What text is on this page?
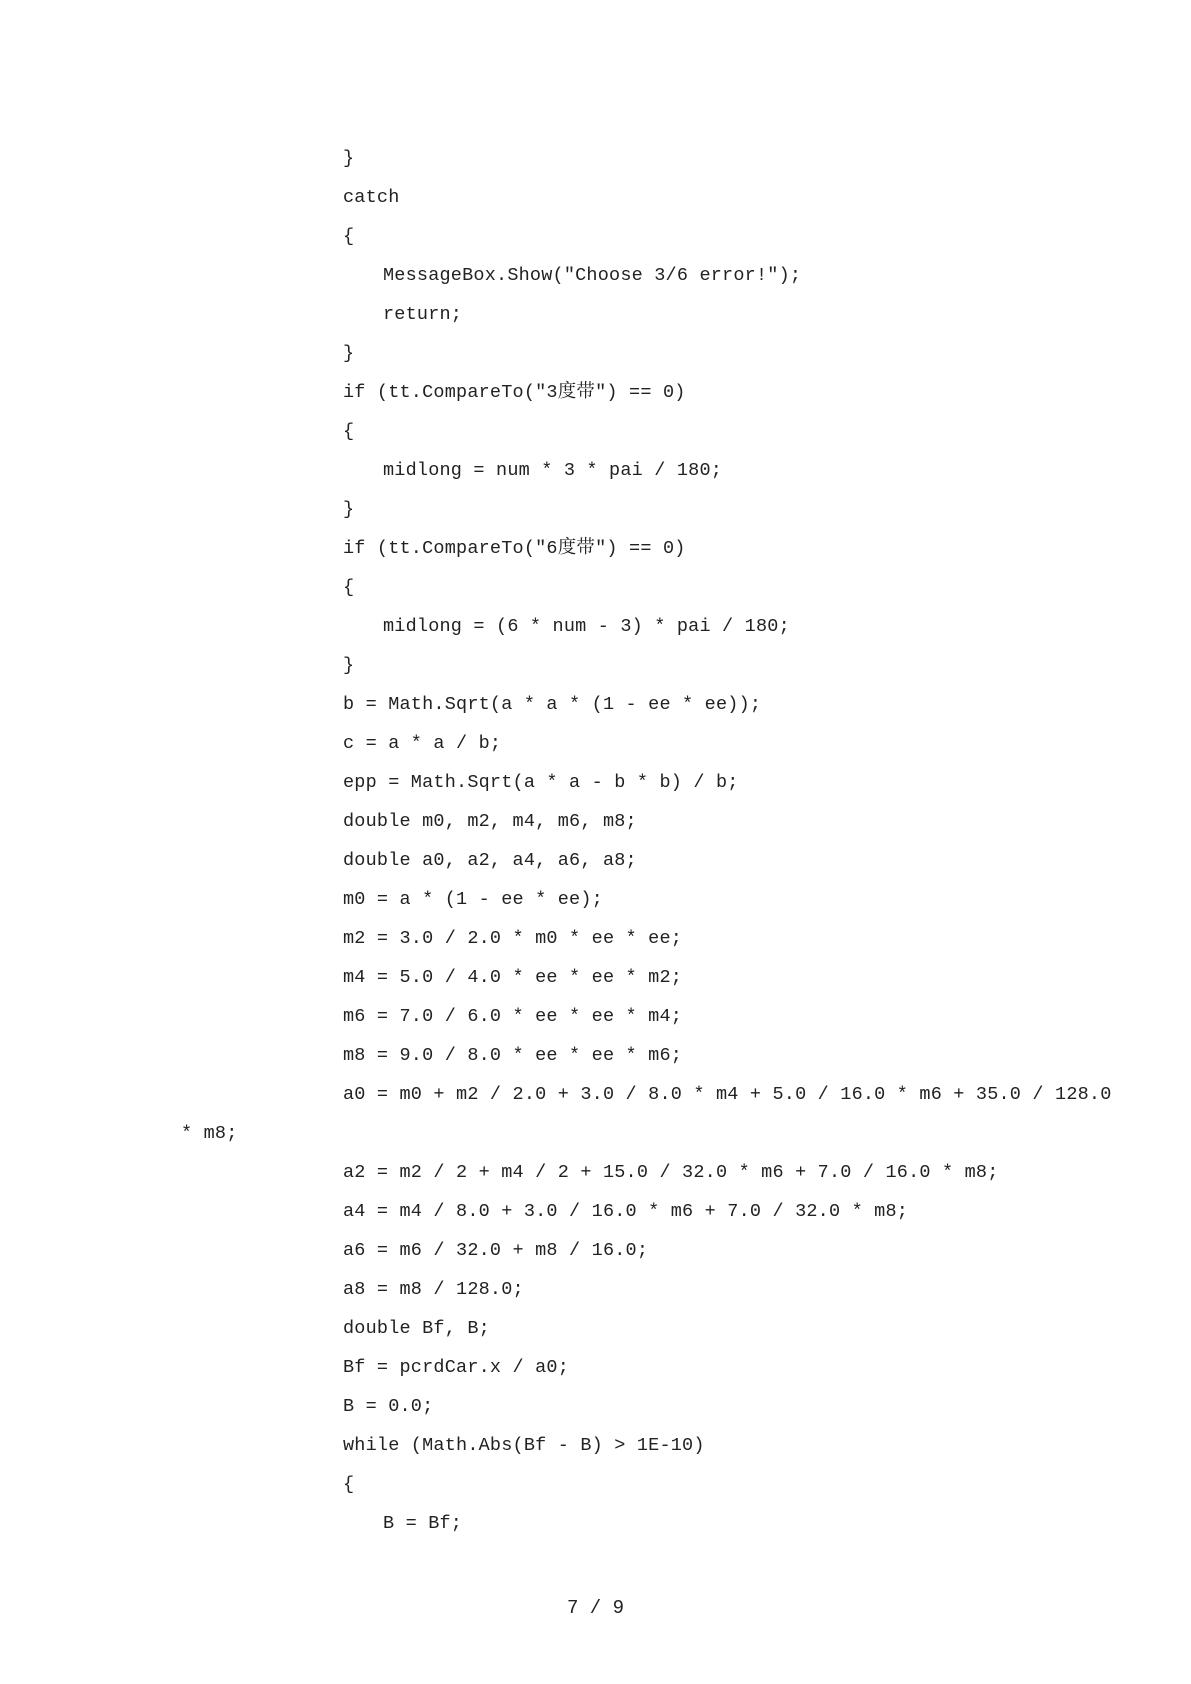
}
catch
{
MessageBox.Show("Choose 3/6 error!");
return;
}
if (tt.CompareTo("3度带") == 0)
{
midlong = num * 3 * pai / 180;
}
if (tt.CompareTo("6度带") == 0)
{
midlong = (6 * num - 3) * pai / 180;
}
b = Math.Sqrt(a * a * (1 - ee * ee));
c = a * a / b;
epp = Math.Sqrt(a * a - b * b) / b;
double m0, m2, m4, m6, m8;
double a0, a2, a4, a6, a8;
m0 = a * (1 - ee * ee);
m2 = 3.0 / 2.0 * m0 * ee * ee;
m4 = 5.0 / 4.0 * ee * ee * m2;
m6 = 7.0 / 6.0 * ee * ee * m4;
m8 = 9.0 / 8.0 * ee * ee * m6;
a0 = m0 + m2 / 2.0 + 3.0 / 8.0 * m4 + 5.0 / 16.0 * m6 + 35.0 / 128.0
* m8;
a2 = m2 / 2 + m4 / 2 + 15.0 / 32.0 * m6 + 7.0 / 16.0 * m8;
a4 = m4 / 8.0 + 3.0 / 16.0 * m6 + 7.0 / 32.0 * m8;
a6 = m6 / 32.0 + m8 / 16.0;
a8 = m8 / 128.0;
double Bf, B;
Bf = pcrdCar.x / a0;
B = 0.0;
while (Math.Abs(Bf - B) > 1E-10)
{
B = Bf;
7 / 9
